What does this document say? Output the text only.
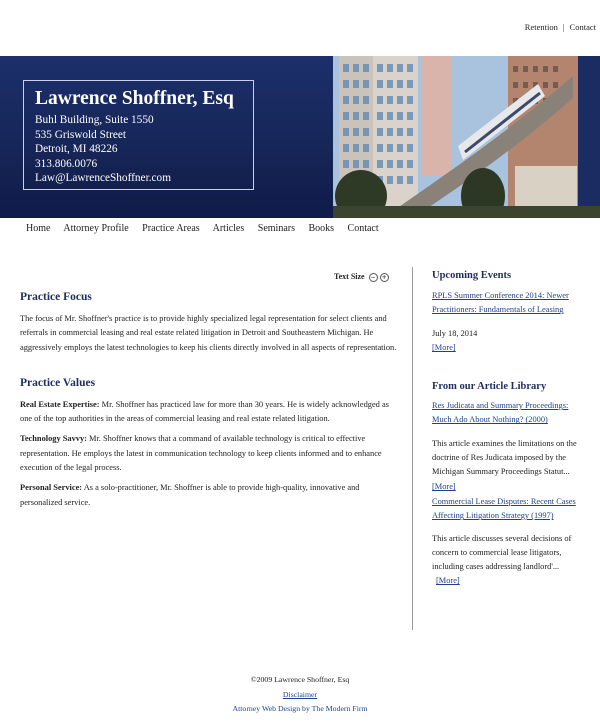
Retention | Contact
Lawrence Shoffner, Esq
Buhl Building, Suite 1550
535 Griswold Street
Detroit, MI 48226
313.806.0076
Law@LawrenceShoffner.com
Home Attorney Profile Practice Areas Articles Seminars Books Contact
Text Size − +
Practice Focus

The focus of Mr. Shoffner's practice is to provide highly specialized legal representation for select clients and referrals in commercial leasing and real estate related litigation in Detroit and Southeastern Michigan. He aggressively employs the latest technologies to keep his clients directly involved in all aspects of representation.

Practice Values

Real Estate Expertise: Mr. Shoffner has practiced law for more than 30 years. He is widely acknowledged as one of the top authorities in the areas of commercial leasing and real estate related litigation.

Technology Savvy: Mr. Shoffner knows that a command of available technology is critical to effective representation. He employs the latest in communication technology to keep clients informed and to enhance execution of the legal process.

Personal Service: As a solo-practitioner, Mr. Shoffner is able to provide high-quality, innovative and personalized service.

Upcoming Events
RPLS Summer Conference 2014: Newer Practitioners: Fundamentals of Leasing
July 18, 2014
[More]
From our Article Library
Res Judicata and Summary Proceedings: Much Ado About Nothing? (2000)
This article examines the limitations on the doctrine of Res Judicata imposed by the Michigan Summary Proceedings Statut... [More]
Commercial Lease Disputes: Recent Cases Affecting Litigation Strategy (1997)
This article discusses several decisions of concern to commercial lease litigators, including cases addressing landlord'... [More]
©2009 Lawrence Shoffner, Esq
Disclaimer
Attorney Web Design by The Modern Firm
